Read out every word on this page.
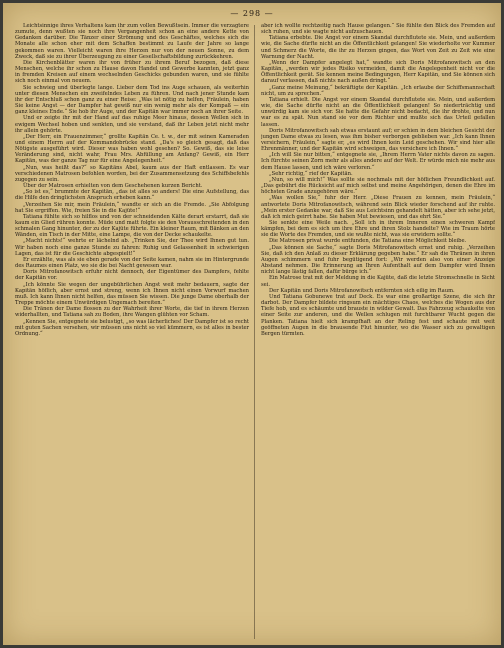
— 298 —

Leichtsinnige ihres Verhaltens kam ihr zum vollen Bewußtsein. Immer die verzagtere zumute, denn wußten sie noch ihre Vergangenheit schon an eine andere Kette von Gedanken darüber. Die Tänzer einer Strömung und des Geschäftes, welches sich die Monate alle schon eher mit dem Schaffen bestimmt zu Laufe der Jahre so lange gekommen waren. Vielleicht waren ihre Herzen nur von der neuen Sonne, zu dem Zweck, daß sie zu ihrer Überzeugung zu einer Gesellschaftsbildung zurückkehren.

Die Kirchenblätter waren ihr von früher zu ihrem Beruf bezogen, daß diese Menschen, welche ihr schon zu Hause davon Handel und Gewerbe kannten, jetzt ganz in fremden Kreisen auf einem wechselnden Geschicks gebunden waren, und sie fühlte sich noch einmal von neuem.

Sie schwieg und überlegte lange. Lieber dem Tod ins Auge schauen, als weiterhin unter diesen Menschen ein zweifelndes Leben zu führen. Und nach jener Stunde kam ihr der Entschluß schon ganz zu einer Reise: „Was ist nötig zu helfen, Fräulein, haben Sie keine Angst — der Dampfer hat gewiß nur ein wenig mehr als der Kompaß — ein ganz kleines Ende.“ Sie hob ihr Auge, und der Kapitän war immer noch an ihrer Seite.

Und er zeigte ihr mit der Hand auf das ruhige Meer hinaus, dessen Wellen sich in ewigem Wechsel hoben und senkten, und sie verstand, daß ihr Leben jetzt nicht mehr ihr allein gehörte.

„Der Herr, ein Frauenzimmer,“ grollte Kapitän Ce. t. w., der mit seinen Kameraden und einem Herrn auf der Kommandobrücke stand. „Da's so gleich gesagt, daß das Nötigste ausgeführt wird. Dieser was haben wohl gesehen? So. Gewiß, das sie leise Veränderung sind, nicht wahr, Frau Mrs. Abfüllung am Anfang? Gewiß, ein Herr Kapitän, was der ganze Tag nur für eine Angelegenheit.“

„Nun, was heißt das?“ so Kapitäns Abel, kaum aus der Haft entlassen. Es war verschiedenen Matrosen befohlen worden, bei der Zusammensetzung des Schiffsbefehls zugegen zu sein.

Über der Matrosen erhielten von dem Geschehenen kurzen Bericht.

„So ist es,“ brummte der Kapitän, „das ist alles so anders! Die eine Aufstellung, das die Hilfe den dringlichsten Anspruch erheben kann.“

„Verzeihen Sie mir, mein Fräulein,“ wandte er sich an die Fremde. „Sie Abfolgung hat Sie ergriffen. Wie, freien Sie in die Kajüte!“

Tatiana fühlte sich so hilflos und von der schneidenden Kälte derart erstarrt, daß sie kaum ein Glied rühren konnte. Müde und matt folgte sie den Vorausschreitenden in den schmalen Gang hinunter, der zu der Kajüte führte. Ein kleiner Raum, mit Bänken an den Wänden, ein Tisch in der Mitte, eine Lampe, die von der Decke schaukelte.

„Macht nichts!“ wehrte er lächelnd ab. „Trinken Sie, der Thee wird Ihnen gut tun. Wir haben noch eine ganze Stunde zu fahren: Ruhig und Gelassenheit in schwierigen Lagen, das ist für die Geschichte abgespielt!“

Er erzählte, was als sie eben gerade von der Seite kamen, nahm sie im Hintergrunde des Raumes einen Platz, wo sie die bei Nacht gewesen war.

Doris Mitrofanowitsch erfuhr nicht dennoch, der Eigentümer des Dampfers, fehlte der Kapitän vor.

„Ich könnte Sie wegen der ungebührlichen Angst weit mehr bedauern, sagte der Kapitän höflich, aber ernst und streng, wenn ich Ihnen nicht einen Vorwurf machen muß. Ich kann Ihnen nicht helfen, das müssen Sie wissen. Die junge Dame oberhalb der Treppe möchte einem Unwürdigen Ungemach bereiten.“

Die Tränen der Dame flossen zu der Wahrheit ihrer Worte, die tief in ihrem Herzen widerhallten, und Tatiana sah zu Boden, ihre Wangen glühten vor Scham.

„Kennen Sie, entgegnete sie belustigt, „so was lächerliches! Der Dampfer ist so recht mit guten Sachen versehen, wir müssen uns nicht so viel kümmern, es ist alles in bester Ordnung.“

aber ich wollte rechtzeitig nach Hause gelangen.“ Sie fühlte den Blick des Fremden auf sich ruhen, und sie wagte nicht aufzuschauen.

Tatiana erbebte. Die Angst vor einem Skandal durchflutete sie. Mein, und außerdem wie, die Sache dürfte nicht an die Öffentlichkeit gelangen! Sie wiederholte vor Kummer und Schmerz die Worte, die ihr zu Herzen gingen, das Wort von Zeit zu Zeit wie eine Warnung der Nacht.

„Wenn der Dampfer angelegt hat,“ wandte sich Doris Mitrofanowitsch an den Kapitän, „werden wir jedes Risiko vermeiden, damit die Angelegenheit nicht vor die Öffentlichkeit gerät. Sie kennen meine Bedingungen, Herr Kapitän, und Sie können sich darauf verlassen, daß nichts nach außen dringt.“

„Ganz meine Meinung,“ bekräftigte der Kapitän. „Ich erlaube der Schiffsmannschaft nicht, um zu sprechen.“

Tatiana erhielt. Die Angst vor einem Skandal durchflutete sie. Mein, und außerdem wie, die Sache dürfte nicht an die Öffentlichkeit gelangen! So niederträchtig und unwürdig kam sie sich vor. Sie hatte die Gefahr nicht bedacht, die ihr drohte, und nun war es zu spät. Nun stand sie vor dem Richter und mußte sich das Urteil gefallen lassen.

Doris Mitrofanowitsch sah etwas erstaunt auf; er schien in dem bleichen Gesicht der jungen Dame etwas zu lesen, was ihm bisher verborgen geblieben war. „Ich kann Ihnen versichern, Fräulein,“ sagte er, „es wird Ihnen kein Leid geschehen. Wir sind hier alle Ehrenmänner, und der Kapitän wird schweigen, das versichere ich Ihnen.“

„Ich will Sie nur bitten,“ entgegnete sie, „Ihrem Herrn Vater nichts davon zu sagen. Ich fürchte seinen Zorn mehr als alles andere auf der Welt. Er würde mich nie mehr aus dem Hause lassen, und ich wäre verloren.“

„Sehr richtig,“ rief der Kapitän.

„Nun, so will mich!“ Was sollte sie nochmals mit der höflichen Freundlichkeit auf. „Das gebührt die Rücksicht auf mich selbst und meine Angehörigen, denen die Ehre im höchsten Grade anzugehören wäre.“

„Was wollen Sie,“ fuhr der Herr. „Diese Frauen zu kennen, mein Fräulein,“ antwortete Doris Mitrofanowitsch, während sein Blick wieder forschend auf ihr ruhte. „Mein erster Gedanke war, daß Sie aus Leichtsinn gehandelt hätten, aber ich sehe jetzt, daß ich mich geirrt habe. Sie haben Mut bewiesen, und das ehrt Sie.“

Sie senkte eine Weile nach. „Soll ich in ihrem Inneren einen schweren Kampf kämpfen, bei dem es sich um ihre Ehre und ihren Stolz handelte? Wie im Traum hörte sie die Worte des Fremden, und sie wußte nicht, was sie erwidern sollte.“

Die Matrosen privat wurde entfunden, die Tatiana eine Möglichkeit bleibe.

„Das können sie Sache,“ sagte Doris Mitrofanowitsch ernst und ruhig. „Verzeihen Sie, daß ich den Anlaß zu dieser Erklärung gegeben habe.“ Er sah die Thränen in ihren Augen schimmern und fuhr begütigend fort: „Wir werden also von einer Anzeige Abstand nehmen. Die Erinnerung an Ihren Aufenthalt auf dem Dampfer wird Ihnen nicht lange lästig fallen, dafür bürge ich.“

Ein Matrose trat mit der Meldung in die Kajüte, daß die letzte Stromschnelle in Sicht sei.

Der Kapitän und Doris Mitrofanowitsch entfernten sich eilig im Raum.

Und Tatiana Gobunewe trat auf Deck. Es war eine großartige Szene, die sich ihr darbot. Der Dampfer bildete ringsum ein mächtiges Chaos, welches die Wogen aus der Tiefe hob, und es schäumte und brauste in wilder Gewalt. Das Fahrzeug schaukelte von einer Seite zur anderen, und die Wellen schlugen mit furchtbarer Wucht gegen die Planken. Tatiana hielt sich krampfhaft an der Reling fest und schaute mit weit geöffneten Augen in die brausende Flut hinunter, wo die Wasser sich zu gewaltigen Bergen türmten.
